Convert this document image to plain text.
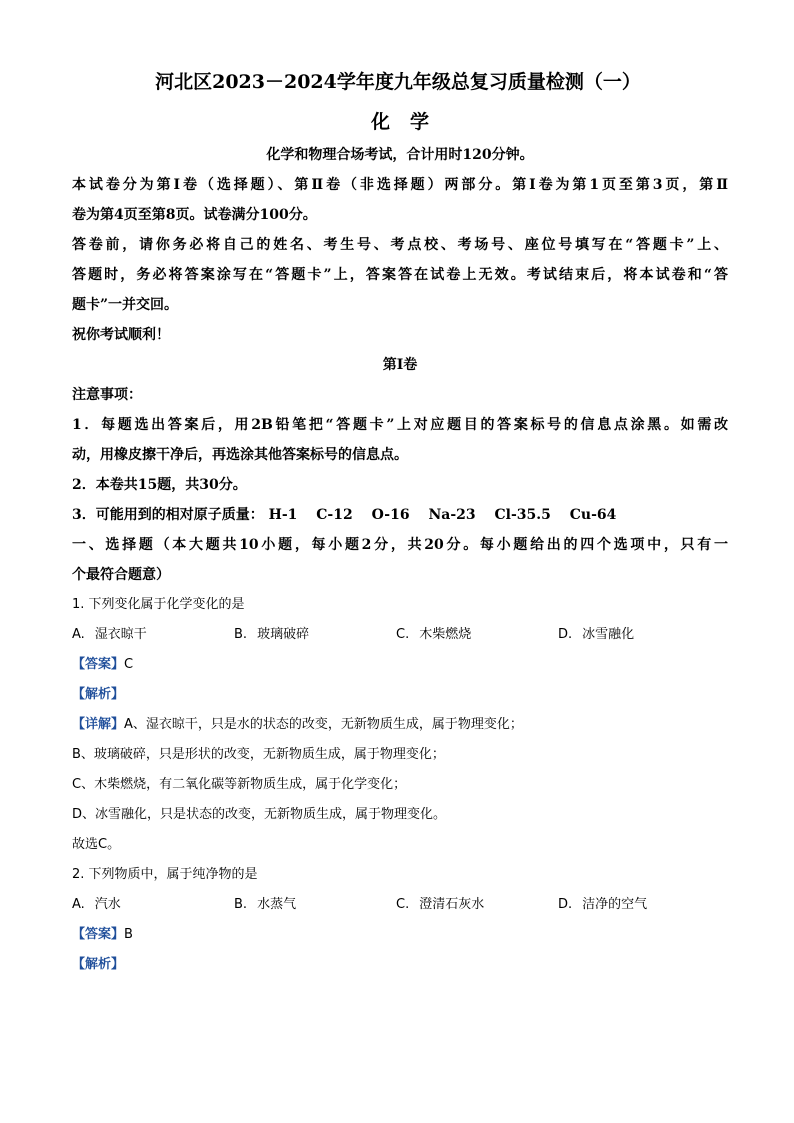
河北区2023－2024学年度九年级总复习质量检测（一）
化学
化学和物理合场考试，合计用时120分钟。
本试卷分为第Ⅰ卷（选择题）、第Ⅱ卷（非选择题）两部分。第Ⅰ卷为第1页至第3页，第Ⅱ
卷为第4页至第8页。试卷满分100分。
答卷前，请你务必将自己的姓名、考生号、考点校、考场号、座位号填写在“答题卡”上、
答题时，务必将答案涂写在“答题卡”上，答案答在试卷上无效。考试结束后，将本试卷和“答
题卡”一并交回。
祝你考试顺利！
第Ⅰ卷
注意事项：
1．每题选出答案后，用2B铅笔把“答题卡”上对应题目的答案标号的信息点涂黑。如需改
动，用橡皮擦干净后，再选涂其他答案标号的信息点。
2．本卷共15题，共30分。
3．可能用到的相对原子质量： H-1 C-12 O-16 Na-23 Cl-35.5 Cu-64
一、选择题（本大题共10小题，每小题2分，共20分。每小题给出的四个选项中，只有一
个最符合题意）
1. 下列变化属于化学变化的是
A. 湿衣晾干	B. 玻璃破碎	C. 木柴燃烧	D. 冰雪融化
【答案】C
【解析】
【详解】A、湿衣晾干，只是水的状态的改变，无新物质生成，属于物理变化；
B、玻璃破碎，只是形状的改变，无新物质生成，属于物理变化；
C、木柴燃烧，有二氧化碳等新物质生成，属于化学变化；
D、冰雪融化，只是状态的改变，无新物质生成，属于物理变化。
故选C。
2. 下列物质中，属于纯净物的是
A. 汽水	B. 水蒸气	C. 澄清石灰水	D. 洁净的空气
【答案】B
【解析】
